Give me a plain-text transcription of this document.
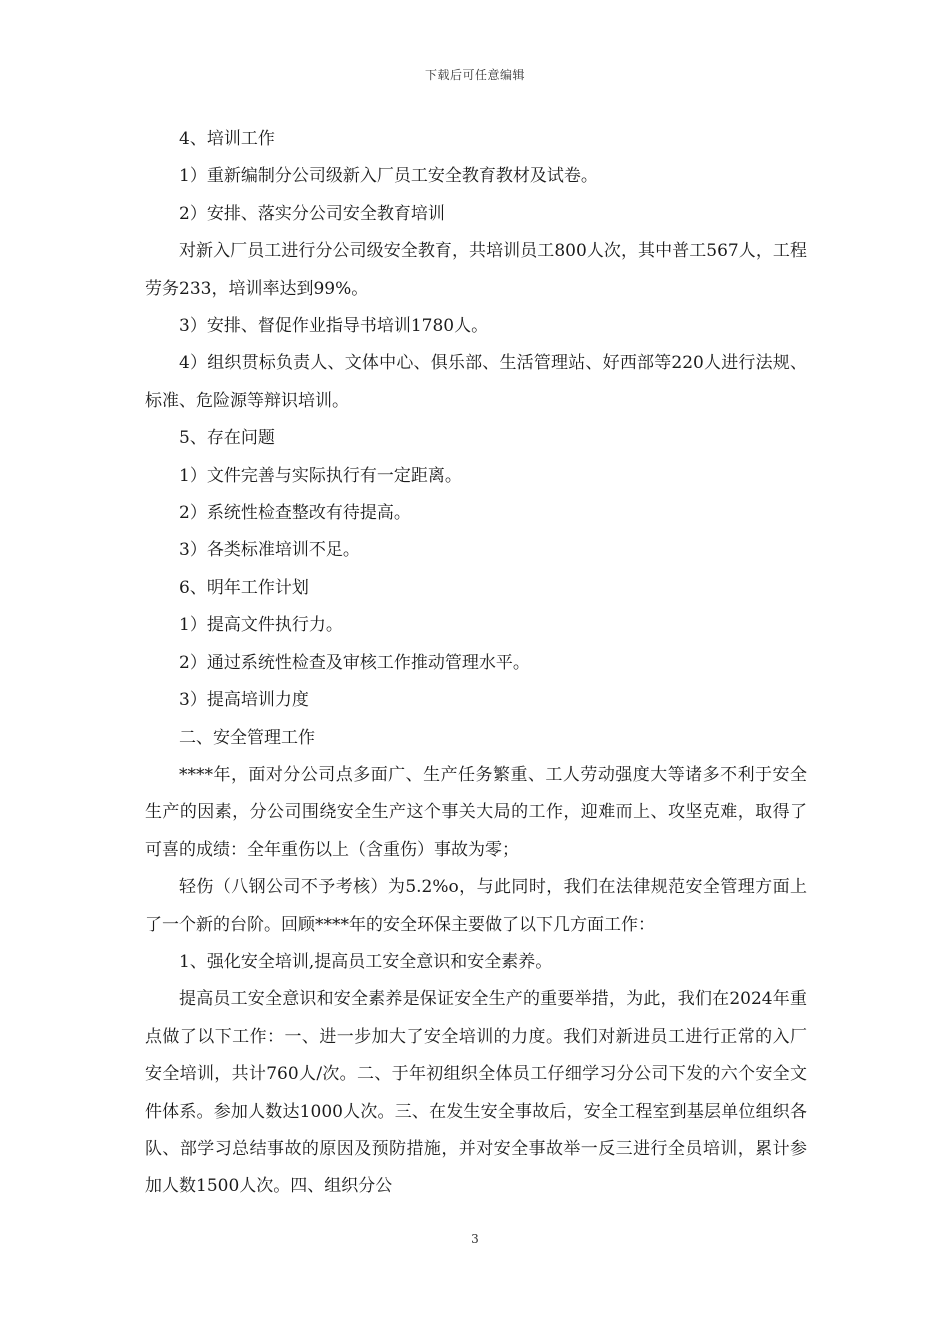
下载后可任意编辑

4、培训工作

1）重新编制分公司级新入厂员工安全教育教材及试卷。

2）安排、落实分公司安全教育培训

对新入厂员工进行分公司级安全教育，共培训员工800人次，其中普工567人，工程劳务233，培训率达到99%。

3）安排、督促作业指导书培训1780人。

4）组织贯标负责人、文体中心、俱乐部、生活管理站、好西部等220人进行法规、标准、危险源等辩识培训。

5、存在问题

1）文件完善与实际执行有一定距离。

2）系统性检查整改有待提高。

3）各类标准培训不足。

6、明年工作计划

1）提高文件执行力。

2）通过系统性检查及审核工作推动管理水平。

3）提高培训力度

二、安全管理工作

****年，面对分公司点多面广、生产任务繁重、工人劳动强度大等诸多不利于安全生产的因素，分公司围绕安全生产这个事关大局的工作，迎难而上、攻坚克难，取得了可喜的成绩：全年重伤以上（含重伤）事故为零；

轻伤（八钢公司不予考核）为5.2%o，与此同时，我们在法律规范安全管理方面上了一个新的台阶。回顾****年的安全环保主要做了以下几方面工作：

1、强化安全培训,提高员工安全意识和安全素养。

提高员工安全意识和安全素养是保证安全生产的重要举措，为此，我们在2024年重点做了以下工作：一、进一步加大了安全培训的力度。我们对新进员工进行正常的入厂安全培训，共计760人/次。二、于年初组织全体员工仔细学习分公司下发的六个安全文件体系。参加人数达1000人次。三、在发生安全事故后，安全工程室到基层单位组织各队、部学习总结事故的原因及预防措施，并对安全事故举一反三进行全员培训，累计参加人数1500人次。四、组织分公

3
